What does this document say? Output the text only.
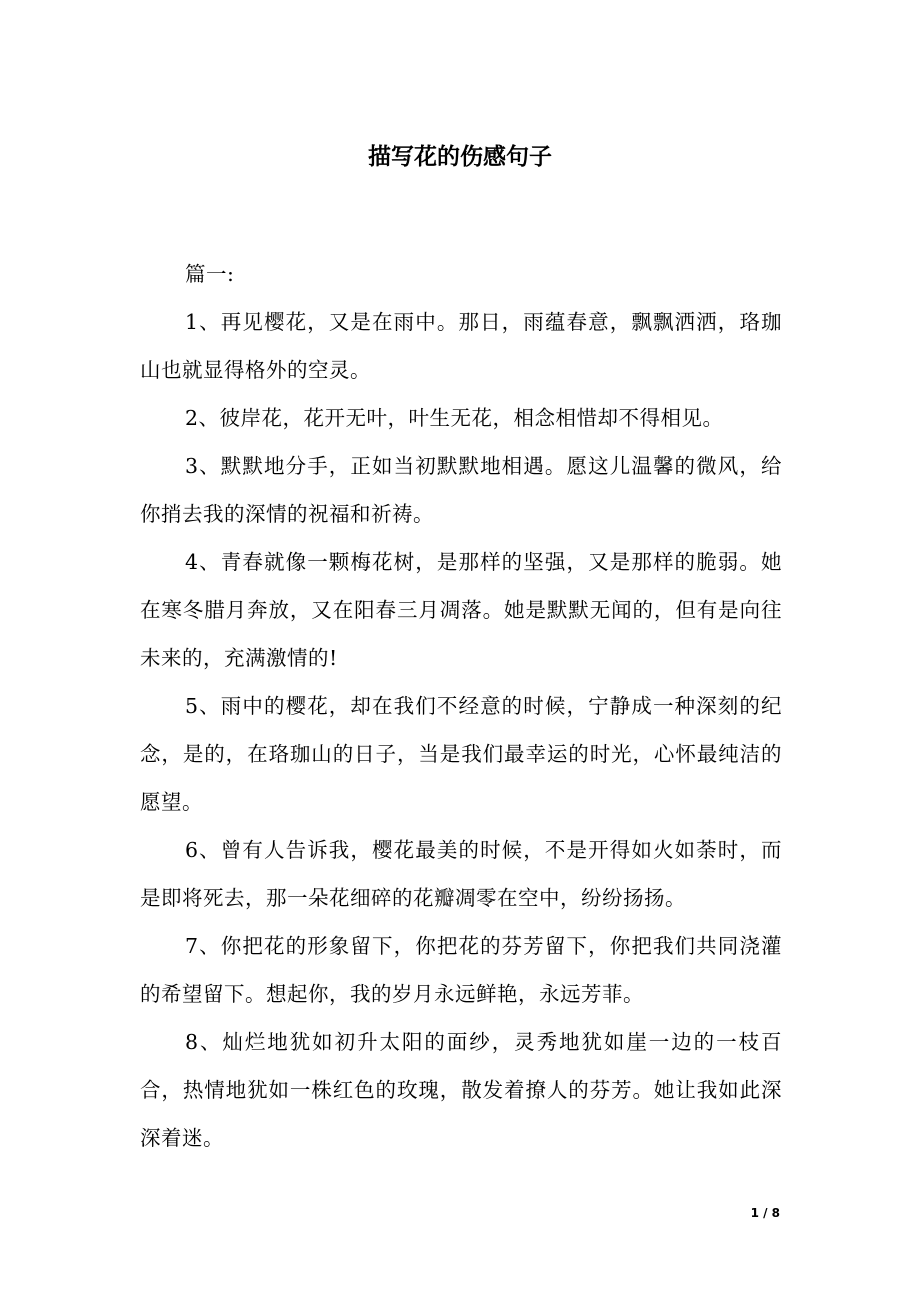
描写花的伤感句子

篇一:

1、再见樱花，又是在雨中。那日，雨蕴春意，飘飘洒洒，珞珈山也就显得格外的空灵。

2、彼岸花，花开无叶，叶生无花，相念相惜却不得相见。

3、默默地分手，正如当初默默地相遇。愿这儿温馨的微风，给你捎去我的深情的祝福和祈祷。

4、青春就像一颗梅花树，是那样的坚强，又是那样的脆弱。她在寒冬腊月奔放，又在阳春三月凋落。她是默默无闻的，但有是向往未来的，充满激情的!

5、雨中的樱花，却在我们不经意的时候，宁静成一种深刻的纪念，是的，在珞珈山的日子，当是我们最幸运的时光，心怀最纯洁的愿望。

6、曾有人告诉我，樱花最美的时候，不是开得如火如荼时，而是即将死去，那一朵花细碎的花瓣凋零在空中，纷纷扬扬。

7、你把花的形象留下，你把花的芬芳留下，你把我们共同浇灌的希望留下。想起你，我的岁月永远鲜艳，永远芳菲。

8、灿烂地犹如初升太阳的面纱，灵秀地犹如崖一边的一枝百合，热情地犹如一株红色的玫瑰，散发着撩人的芬芳。她让我如此深深着迷。

1 / 8
